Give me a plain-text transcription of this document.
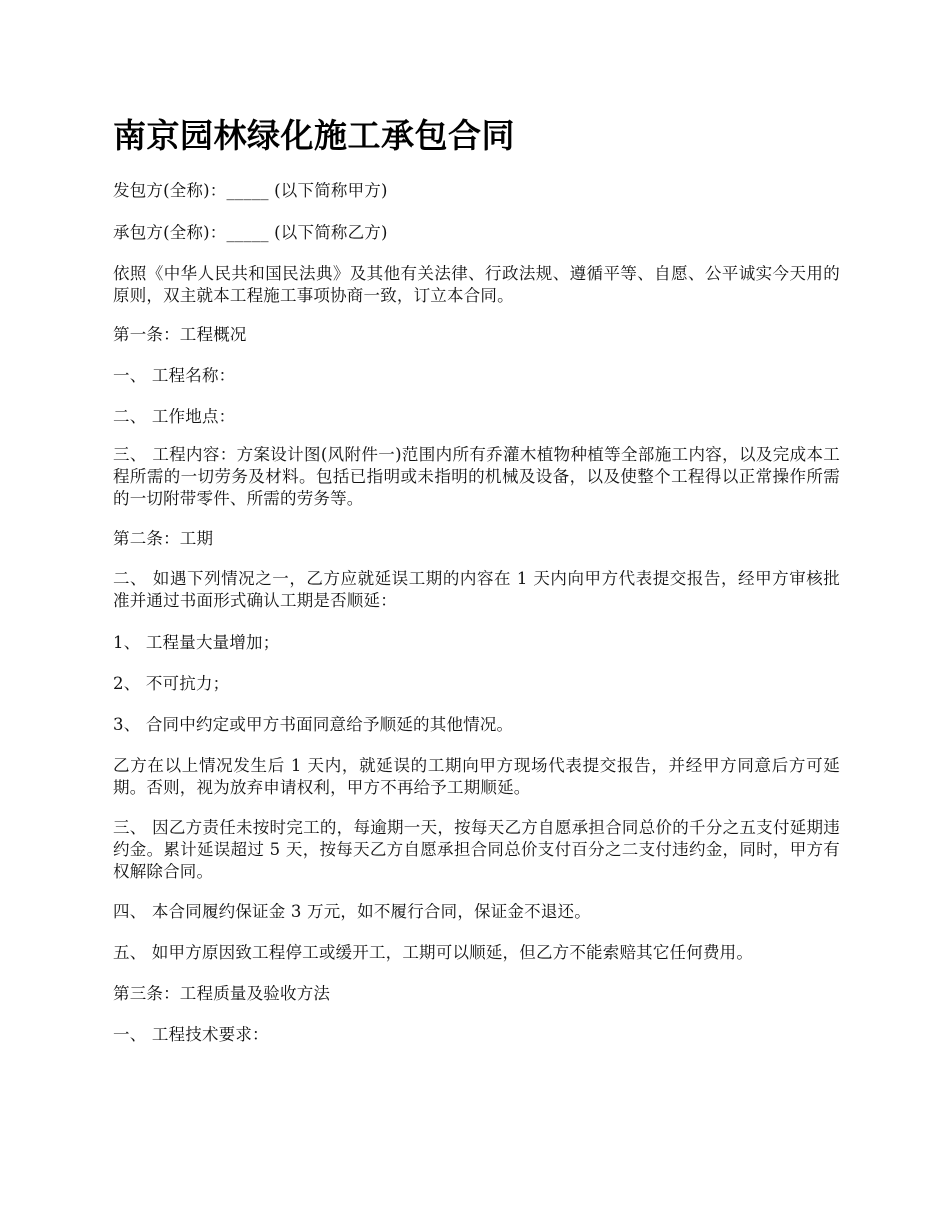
南京园林绿化施工承包合同

发包方(全称)：_____ (以下简称甲方)

承包方(全称)：_____ (以下简称乙方)

依照《中华人民共和国民法典》及其他有关法律、行政法规、遵循平等、自愿、公平诚实今天用的原则，双主就本工程施工事项协商一致，订立本合同。

第一条：工程概况

一、 工程名称：

二、 工作地点：

三、 工程内容：方案设计图(风附件一)范围内所有乔灌木植物种植等全部施工内容，以及完成本工程所需的一切劳务及材料。包括已指明或未指明的机械及设备，以及使整个工程得以正常操作所需的一切附带零件、所需的劳务等。

第二条：工期

二、 如遇下列情况之一，乙方应就延误工期的内容在 1 天内向甲方代表提交报告，经甲方审核批准并通过书面形式确认工期是否顺延：

1、 工程量大量增加；

2、 不可抗力；

3、 合同中约定或甲方书面同意给予顺延的其他情况。

乙方在以上情况发生后 1 天内，就延误的工期向甲方现场代表提交报告，并经甲方同意后方可延期。否则，视为放弃申请权利，甲方不再给予工期顺延。

三、 因乙方责任未按时完工的，每逾期一天，按每天乙方自愿承担合同总价的千分之五支付延期违约金。累计延误超过 5 天，按每天乙方自愿承担合同总价支付百分之二支付违约金，同时，甲方有权解除合同。

四、 本合同履约保证金 3 万元，如不履行合同，保证金不退还。

五、 如甲方原因致工程停工或缓开工，工期可以顺延，但乙方不能索赔其它任何费用。

第三条：工程质量及验收方法

一、 工程技术要求：
